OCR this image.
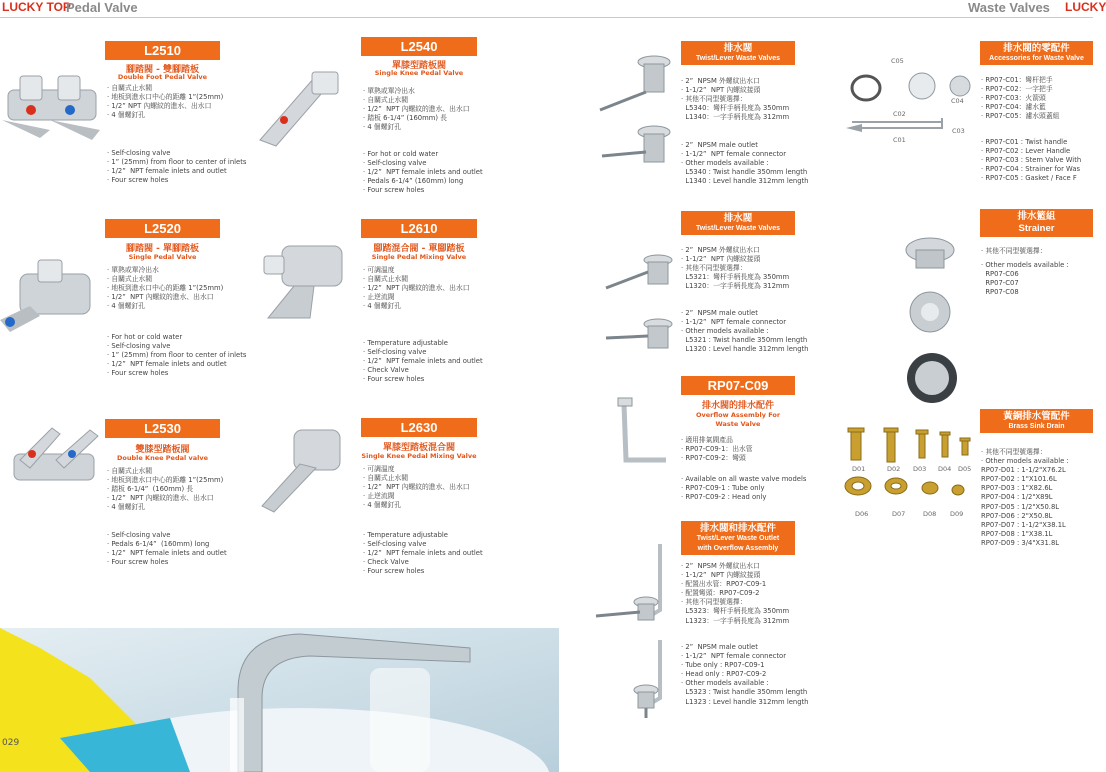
LUCKY TOP
Pedal Valve	Waste Valves LUCKY
L2510
腳踏閥 - 雙腳踏板
Double Foot Pedal Valve
· 自關式止水閥
· 地板到進水口中心的距離 1”(25mm)
· 1/2” NPT 內螺紋的進水、出水口
· 4 個螺釘孔
· Self-closing valve
· 1” (25mm) from floor to center of inlets
· 1/2”  NPT female inlets and outlet
· Four screw holes
L2540
單膝型踏板閥
Single Knee Pedal Valve
· 單熱或單冷出水
· 自關式止水閥
· 1/2”  NPT 內螺紋的進水、出水口
· 踏板 6-1/4” (160mm) 長
· 4 個螺釘孔
· For hot or cold water
· Self-closing valve
· 1/2”  NPT female inlets and outlet
· Pedals 6-1/4” (160mm) long
· Four screw holes
L2520
腳踏閥 - 單腳踏板
Single Pedal Valve
· 單熱或單冷出水
· 自關式止水閥
· 地板到進水口中心的距離 1”(25mm)
· 1/2”  NPT 內螺紋的進水、出水口
· 4 個螺釘孔
· For hot or cold water
· Self-closing valve
· 1” (25mm) from floor to center of inlets
· 1/2”  NPT female inlets and outlet
· Four screw holes
L2610
腳踏混合閥 - 單腳踏板
Single Pedal Mixing Valve
· 可調溫度
· 自關式止水閥
· 1/2”  NPT 內螺紋的進水、出水口
· 止逆流閥
· 4 個螺釘孔
· Temperature adjustable
· Self-closing valve
· 1/2”  NPT female inlets and outlet
· Check Valve
· Four screw holes
L2530
雙膝型踏板閥
Double Knee Pedal valve
· 自關式止水閥
· 地板到進水口中心的距離 1”(25mm)
· 踏板 6-1/4”  (160mm) 長
· 1/2”  NPT 內螺紋的進水、出水口
· 4 個螺釘孔
· Self-closing valve
· Pedals 6-1/4”  (160mm) long
· 1/2”  NPT female inlets and outlet
· Four screw holes
L2630
單膝型踏板混合閥
Single Knee Pedal Mixing Valve
· 可調溫度
· 自關式止水閥
· 1/2”  NPT 內螺紋的進水、出水口
· 止逆流閥
· 4 個螺釘孔
· Temperature adjustable
· Self-closing valve
· 1/2”  NPT female inlets and outlet
· Check Valve
· Four screw holes
029
排水閥
Twist/Lever Waste Valves
· 2”  NPSM 外螺紋出水口
· 1-1/2”  NPT 內螺紋接頭
· 其他不同型號選擇：
L5340：彎杆手柄長度為 350mm
L1340：一字手柄長度為 312mm
· 2”  NPSM male outlet
· 1-1/2”  NPT female connector
· Other models available :
L5340 : Twist handle 350mm length
L1340 : Level handle 312mm length
排水閥
Twist/Lever Waste Valves
· 2”  NPSM 外螺紋出水口
· 1-1/2”  NPT 內螺紋接頭
· 其他不同型號選擇：
L5321：彎杆手柄長度為 350mm
L1320：一字手柄長度為 312mm
· 2”  NPSM male outlet
· 1-1/2”  NPT female connector
· Other models available :
L5321 : Twist handle 350mm length
L1320 : Level handle 312mm length
RP07-C09
排水閥的排水配件
Overflow Assembly For
Waste Valve
· 適用排氣閥產品
· RP07-C09-1：出水管
· RP07-C09-2：彎頭
· Available on all waste valve models
· RP07-C09-1 : Tube only
· RP07-C09-2 : Head only
排水閥和排水配件
Twist/Lever Waste Outlet
with Overflow Assembly
· 2”  NPSM 外螺紋出水口
· 1-1/2”  NPT 內螺紋接頭
· 配置出水管：RP07-C09-1
· 配置彎頭：RP07-C09-2
· 其他不同型號選擇：
L5323：彎杆手柄長度為 350mm
L1323：一字手柄長度為 312mm
· 2”  NPSM male outlet
· 1-1/2”  NPT female connector
· Tube only : RP07-C09-1
· Head only : RP07-C09-2
· Other models available :
L5323 : Twist handle 350mm length
L1323 : Level handle 312mm length
C05
C04
C02
C03
C01
排水閥的零配件
Accessories for Waste Valve
· RP07-C01：彎杆把手
· RP07-C02：一字把手
· RP07-C03：火箭頭
· RP07-C04：濾水籃
· RP07-C05：濾水頭蓋組
· RP07-C01 : Twist handle
· RP07-C02 : Lever Handle
· RP07-C03 : Stem Valve With
· RP07-C04 : Strainer for Was
· RP07-C05 : Gasket / Face F
排水籃組
Strainer
· 其他不同型號選擇：
· Other models available :
RP07-C06
RP07-C07
RP07-C08
D01	D02 D03 D04 D05
D06	D07	D08 D09
黃銅排水管配件
Brass Sink Drain
· 其他不同型號選擇：
· Other models available :
RP07-D01 : 1-1/2"X76.2L
RP07-D02 : 1"X101.6L
RP07-D03 : 1"X82.6L
RP07-D04 : 1/2"X89L
RP07-D05 : 1/2"X50.8L
RP07-D06 : 2"X50.8L
RP07-D07 : 1-1/2"X38.1L
RP07-D08 : 1"X38.1L
RP07-D09 : 3/4"X31.8L
